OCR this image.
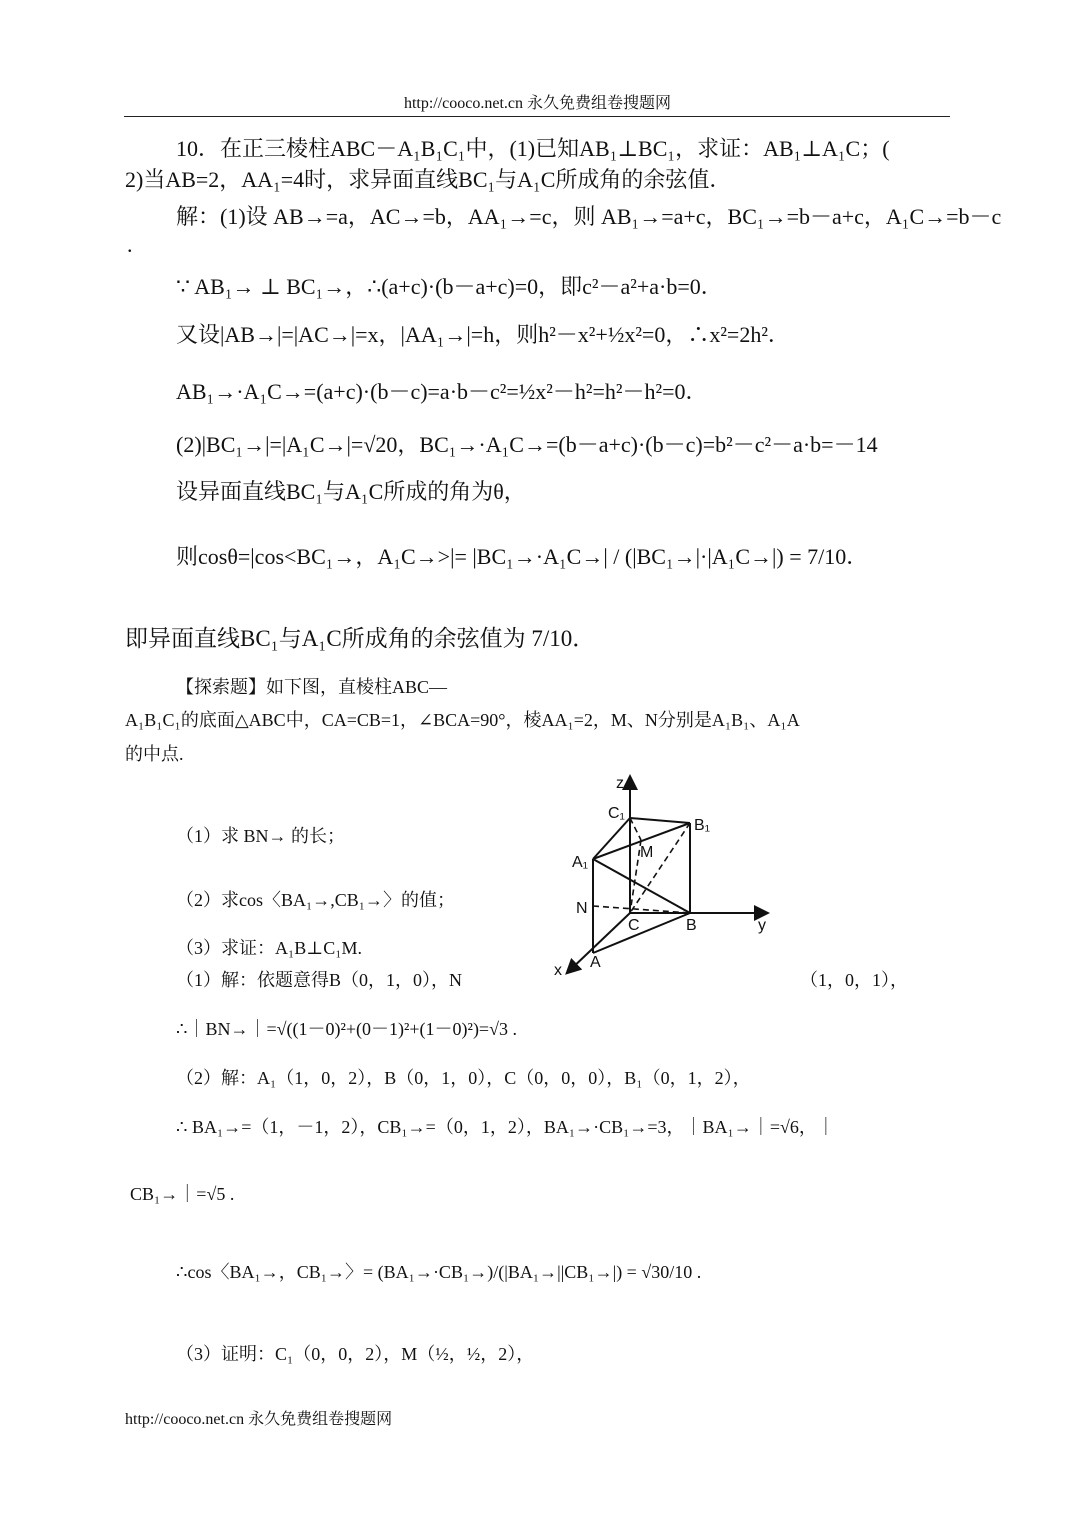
http://cooco.net.cn 永久免费组卷搜题网
10．在正三棱柱ABC－A₁B₁C₁中，(1)已知AB₁⊥BC₁，求证：AB₁⊥A₁C；(
2)当AB=2，AA₁=4时，求异面直线BC₁与A₁C所成角的余弦值．
解：(1)设 AB→=a，AC→=b，AA₁→=c，则 AB₁→=a+c，BC₁→=b－a+c，A₁C→=b－c
.
∵ AB₁→ ⊥ BC₁→，∴(a+c)·(b－a+c)=0，即c²－a²+a·b=0．
又设|AB→|=|AC→|=x，|AA₁→|=h，则h²－x²+½x²=0，∴x²=2h²．
AB₁→·A₁C→=(a+c)·(b－c)=a·b－c²=½x²－h²=h²－h²=0．
(2)|BC₁→|=|A₁C→|=√20，BC₁→·A₁C→=(b－a+c)·(b－c)=b²－c²－a·b=－14
设异面直线BC₁与A₁C所成的角为θ，
则cosθ=|cos<BC₁→，A₁C→>|= |BC₁→·A₁C→| / (|BC₁→|·|A₁C→|) = 7/10．
即异面直线BC₁与A₁C所成角的余弦值为 7/10．
【探索题】如下图，直棱柱ABC—
A₁B₁C₁的底面△ABC中，CA=CB=1，∠BCA=90°，棱AA₁=2，M、N分别是A₁B₁、A₁A
的中点.
（1）求 BN→ 的长；
（2）求cos〈BA₁→,CB₁→〉的值；
（3）求证：A₁B⊥C₁M.
z
C₁
B₁
M
A₁
N
C	B	y
A
x
（1）解：依题意得B（0，1，0），N	（1，0，1），
∴｜BN→｜=√((1－0)²+(0－1)²+(1－0)²)=√3 .
（2）解：A₁（1，0，2），B（0，1，0），C（0，0，0），B₁（0，1，2），
∴ BA₁→=（1，－1，2），CB₁→=（0，1，2），BA₁→·CB₁→=3，｜BA₁→｜=√6，｜
CB₁→｜=√5 .
∴cos〈BA₁→，CB₁→〉= (BA₁→·CB₁→)/(|BA₁→||CB₁→|) = √30/10 .
（3）证明：C₁（0，0，2），M（½，½，2），
http://cooco.net.cn 永久免费组卷搜题网
